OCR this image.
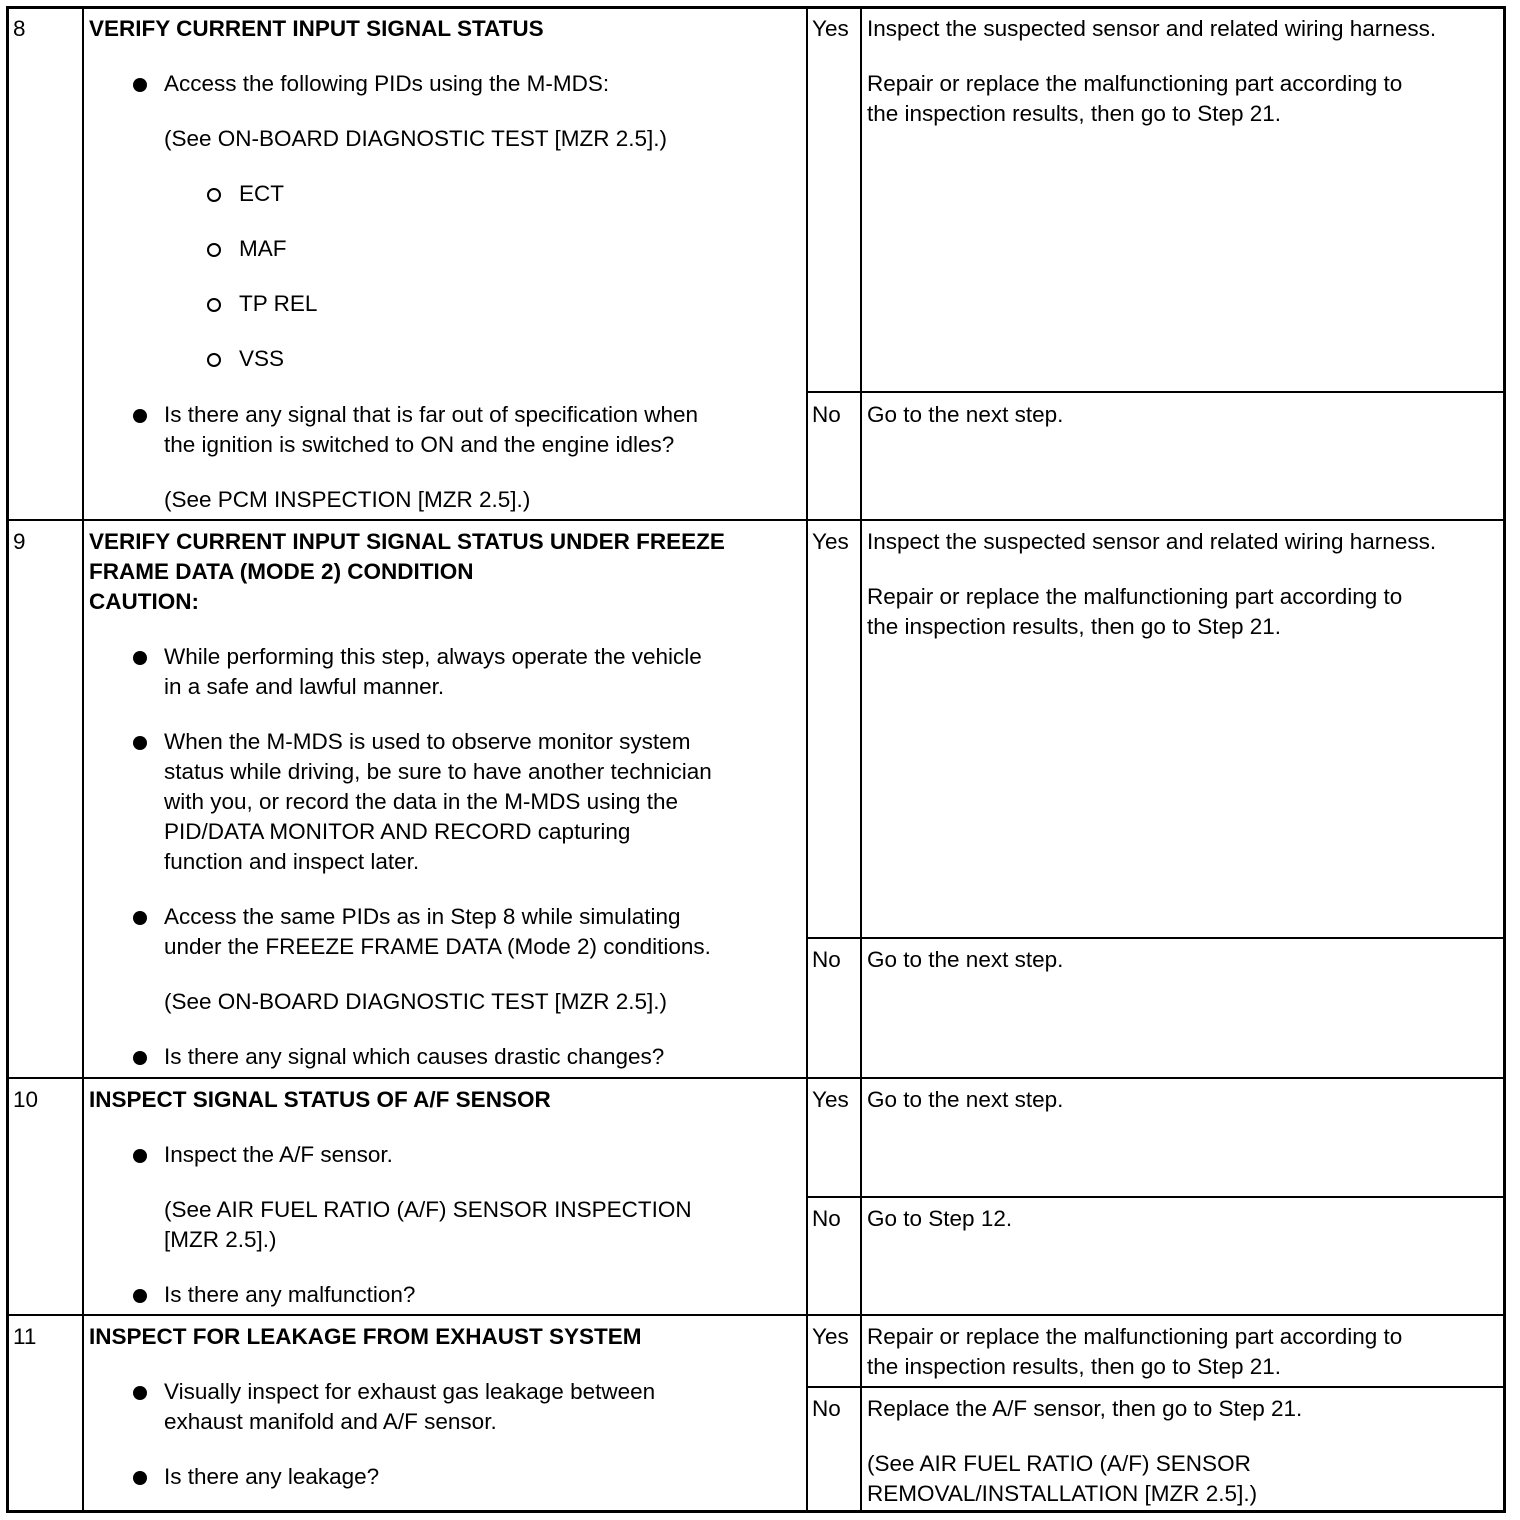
8	VERIFY CURRENT INPUT SIGNAL STATUS
Access the following PIDs using the M-MDS:
(See ON-BOARD DIAGNOSTIC TEST [MZR 2.5].)
ECT
MAF
TP REL
VSS
Is there any signal that is far out of specification when
the ignition is switched to ON and the engine idles?
(See PCM INSPECTION [MZR 2.5].)
Yes Inspect the suspected sensor and related wiring harness.
Repair or replace the malfunctioning part according to
the inspection results, then go to Step 21.
No Go to the next step.
9	VERIFY CURRENT INPUT SIGNAL STATUS UNDER FREEZE
FRAME DATA (MODE 2) CONDITION
CAUTION:
While performing this step, always operate the vehicle
in a safe and lawful manner.
When the M-MDS is used to observe monitor system
status while driving, be sure to have another technician
with you, or record the data in the M-MDS using the
PID/DATA MONITOR AND RECORD capturing
function and inspect later.
Access the same PIDs as in Step 8 while simulating
under the FREEZE FRAME DATA (Mode 2) conditions.
(See ON-BOARD DIAGNOSTIC TEST [MZR 2.5].)
Is there any signal which causes drastic changes?
Yes Inspect the suspected sensor and related wiring harness.
Repair or replace the malfunctioning part according to
the inspection results, then go to Step 21.
No Go to the next step.
10 INSPECT SIGNAL STATUS OF A/F SENSOR
Inspect the A/F sensor.
(See AIR FUEL RATIO (A/F) SENSOR INSPECTION
[MZR 2.5].)
Is there any malfunction?
Yes Go to the next step.
No Go to Step 12.
11 INSPECT FOR LEAKAGE FROM EXHAUST SYSTEM
Visually inspect for exhaust gas leakage between
exhaust manifold and A/F sensor.
Is there any leakage?
Yes Repair or replace the malfunctioning part according to
the inspection results, then go to Step 21.
No Replace the A/F sensor, then go to Step 21.
(See AIR FUEL RATIO (A/F) SENSOR
REMOVAL/INSTALLATION [MZR 2.5].)
